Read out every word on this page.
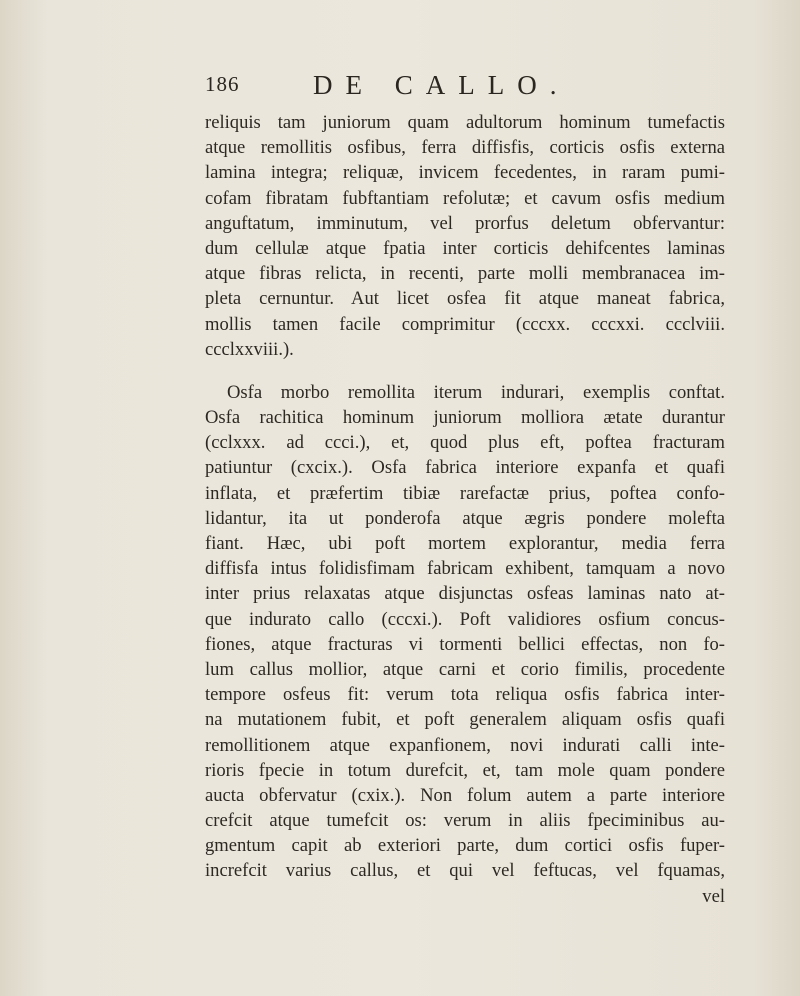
186	DE CALLO.
reliquis tam juniorum quam adultorum hominum tumefactis
atque remollitis osfibus, ferra diffisfis, corticis osfis externa
lamina integra; reliquæ, invicem fecedentes, in raram pumi-
cofam fibratam fubftantiam refolutæ; et cavum osfis medium
anguftatum, imminutum, vel prorfus deletum obfervantur:
dum cellulæ atque fpatia inter corticis dehifcentes laminas
atque fibras relicta, in recenti, parte molli membranacea im-
pleta cernuntur. Aut licet osfea fit atque maneat fabrica,
mollis tamen facile comprimitur (cccxx. cccxxi. ccclviii.
ccclxxviii.).
Osfa morbo remollita iterum indurari, exemplis conftat.
Osfa rachitica hominum juniorum molliora ætate durantur
(cclxxx. ad ccci.), et, quod plus eft, poftea fracturam
patiuntur (cxcix.). Osfa fabrica interiore expanfa et quafi
inflata, et præfertim tibiæ rarefactæ prius, poftea confo-
lidantur, ita ut ponderofa atque ægris pondere molefta
fiant. Hæc, ubi poft mortem explorantur, media ferra
diffisfa intus folidisfimam fabricam exhibent, tamquam a novo
inter prius relaxatas atque disjunctas osfeas laminas nato at-
que indurato callo (cccxi.). Poft validiores osfium concus-
fiones, atque fracturas vi tormenti bellici effectas, non fo-
lum callus mollior, atque carni et corio fimilis, procedente
tempore osfeus fit: verum tota reliqua osfis fabrica inter-
na mutationem fubit, et poft generalem aliquam osfis quafi
remollitionem atque expanfionem, novi indurati calli inte-
rioris fpecie in totum durefcit, et, tam mole quam pondere
aucta obfervatur (cxix.). Non folum autem a parte interiore
crefcit atque tumefcit os: verum in aliis fpeciminibus au-
gmentum capit ab exteriori parte, dum cortici osfis fuper-
increfcit varius callus, et qui vel feftucas, vel fquamas,
vel
